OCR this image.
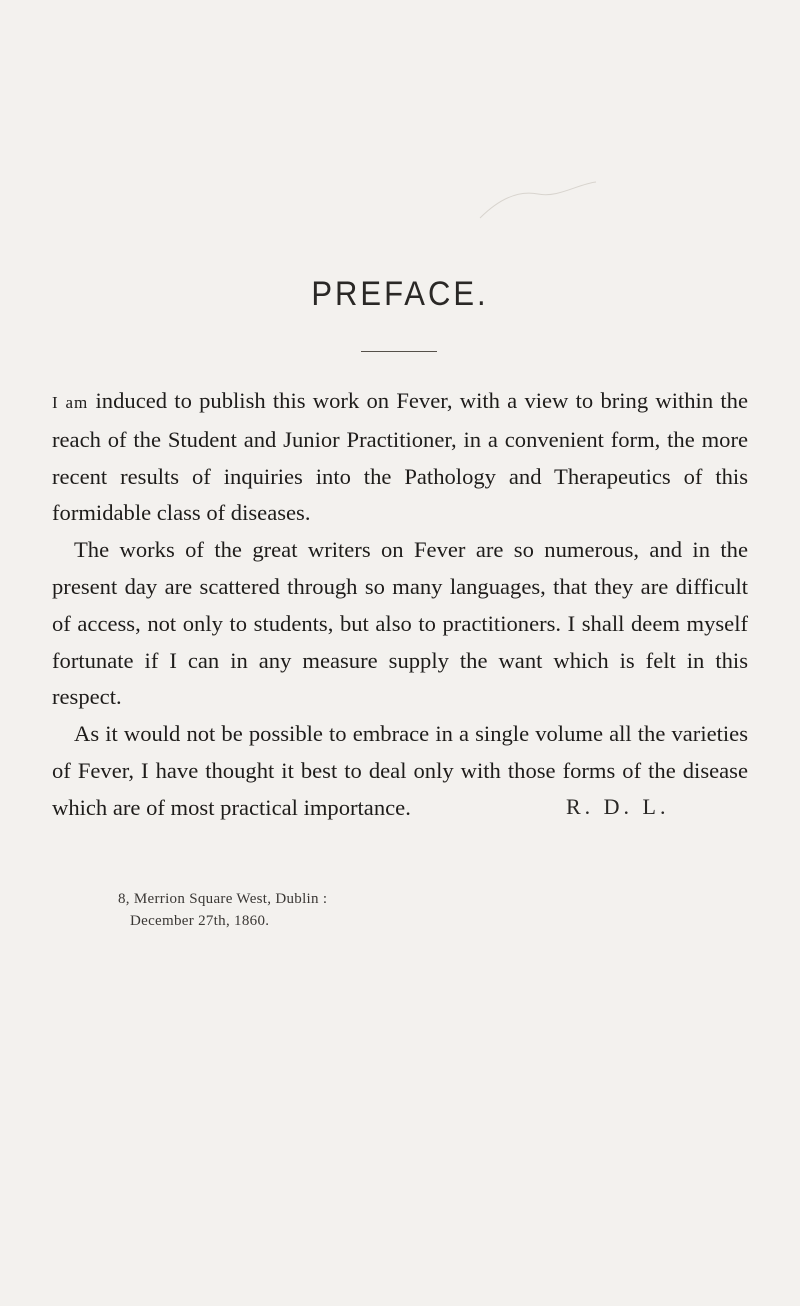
PREFACE.

I am induced to publish this work on Fever, with a view to bring within the reach of the Student and Junior Practitioner, in a convenient form, the more recent results of inquiries into the Pathology and Therapeutics of this formidable class of diseases.

The works of the great writers on Fever are so numerous, and in the present day are scattered through so many languages, that they are difficult of access, not only to students, but also to practitioners. I shall deem myself fortunate if I can in any measure supply the want which is felt in this respect.

As it would not be possible to embrace in a single volume all the varieties of Fever, I have thought it best to deal only with those forms of the disease which are of most practical importance.	R. D. L.
8, Merrion Square West, Dublin :
December 27th, 1860.
